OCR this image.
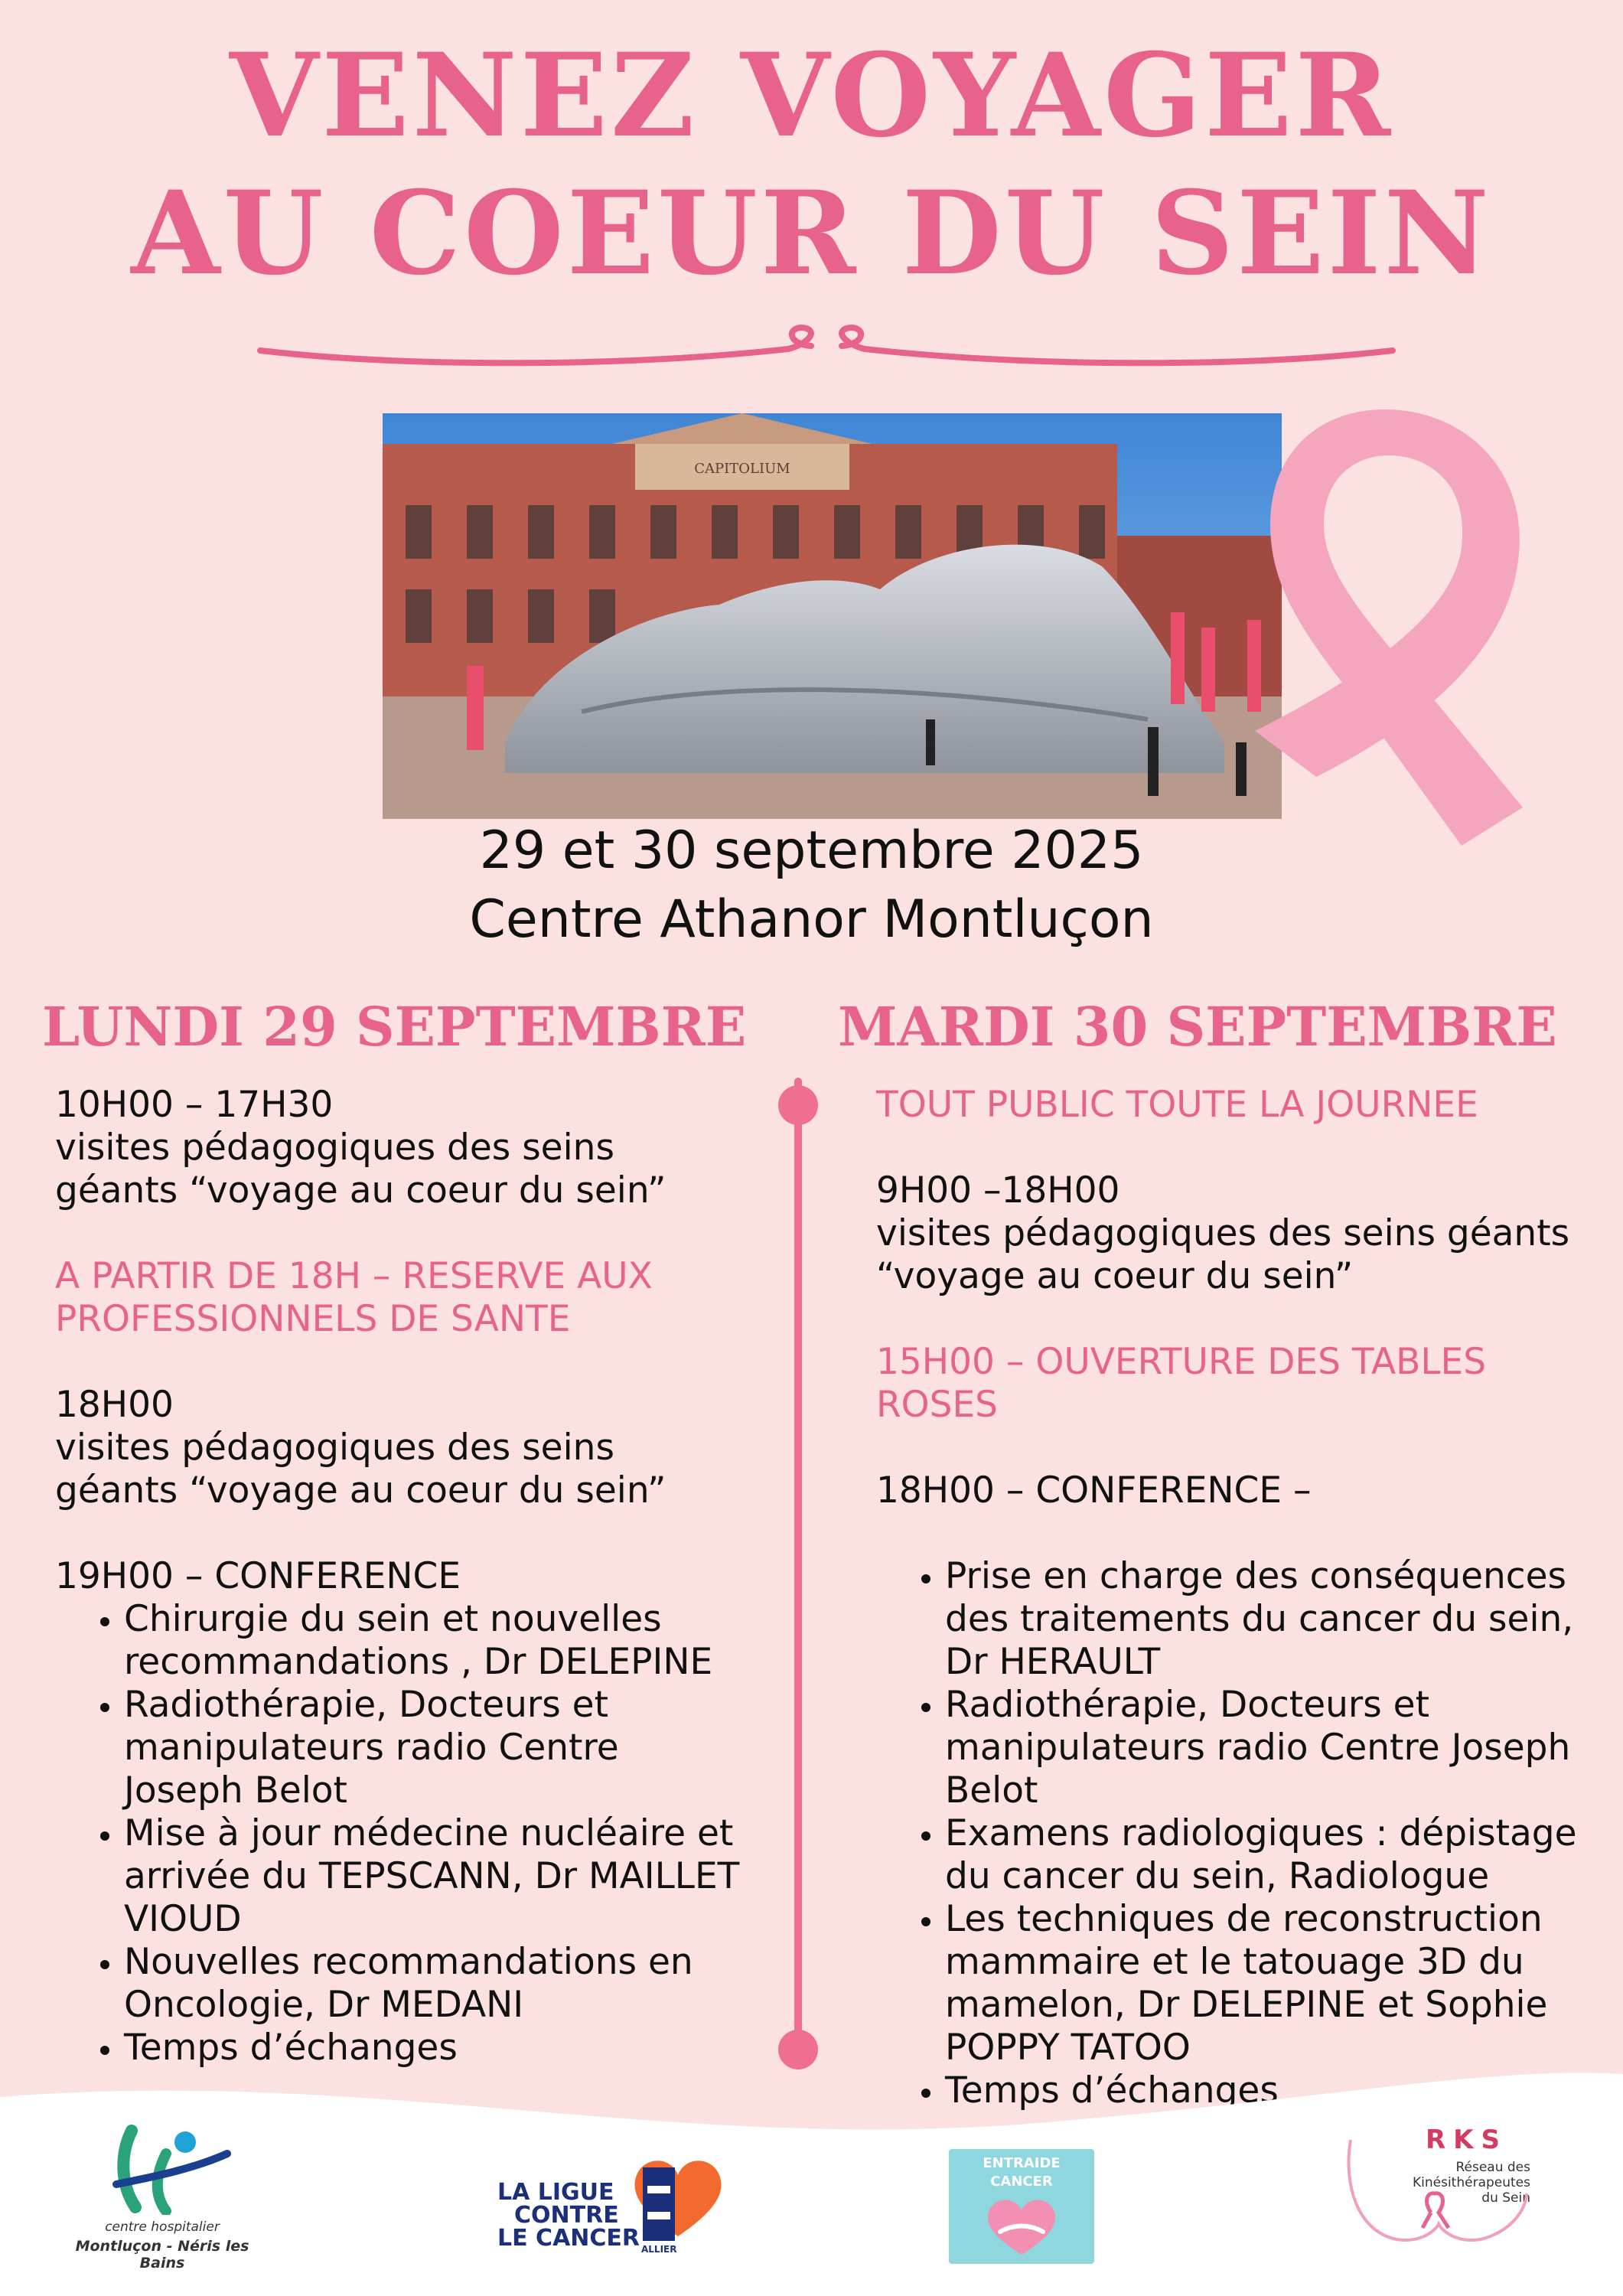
VENEZ VOYAGER
AU COEUR DU SEIN
CAPITOLIUM
29 et 30 septembre 2025
Centre Athanor Montluçon
LUNDI 29 SEPTEMBRE MARDI 30 SEPTEMBRE

10H00 – 17H30

visites pédagogiques des seins

géants “voyage au coeur du sein”

A PARTIR DE 18H – RESERVE AUX

PROFESSIONNELS DE SANTE

18H00

visites pédagogiques des seins

géants “voyage au coeur du sein”

19H00 – CONFERENCE

• Chirurgie du sein et nouvelles
recommandations , Dr DELEPINE
• Radiothérapie, Docteurs et
manipulateurs radio Centre
Joseph Belot
• Mise à jour médecine nucléaire et
arrivée du TEPSCANN, Dr MAILLET
VIOUD
• Nouvelles recommandations en
Oncologie, Dr MEDANI
• Temps d’échanges

TOUT PUBLIC TOUTE LA JOURNEE

9H00 –18H00

visites pédagogiques des seins géants

“voyage au coeur du sein”

15H00 – OUVERTURE DES TABLES ROSES

18H00 – CONFERENCE –

• Prise en charge des conséquences
des traitements du cancer du sein,
Dr HERAULT
• Radiothérapie, Docteurs et
manipulateurs radio Centre Joseph
Belot
• Examens radiologiques : dépistage
du cancer du sein, Radiologue
• Les techniques de reconstruction
mammaire et le tatouage 3D du
mamelon, Dr DELEPINE et Sophie
POPPY TATOO
• Temps d’échanges
centre hospitalier
Montluçon - Néris les Bains
LA LIGUE
CONTRE
LE CANCER ALLIER
ENTRAIDE
CANCER
RKS
Réseau des
Kinésithérapeutes
du Sein
